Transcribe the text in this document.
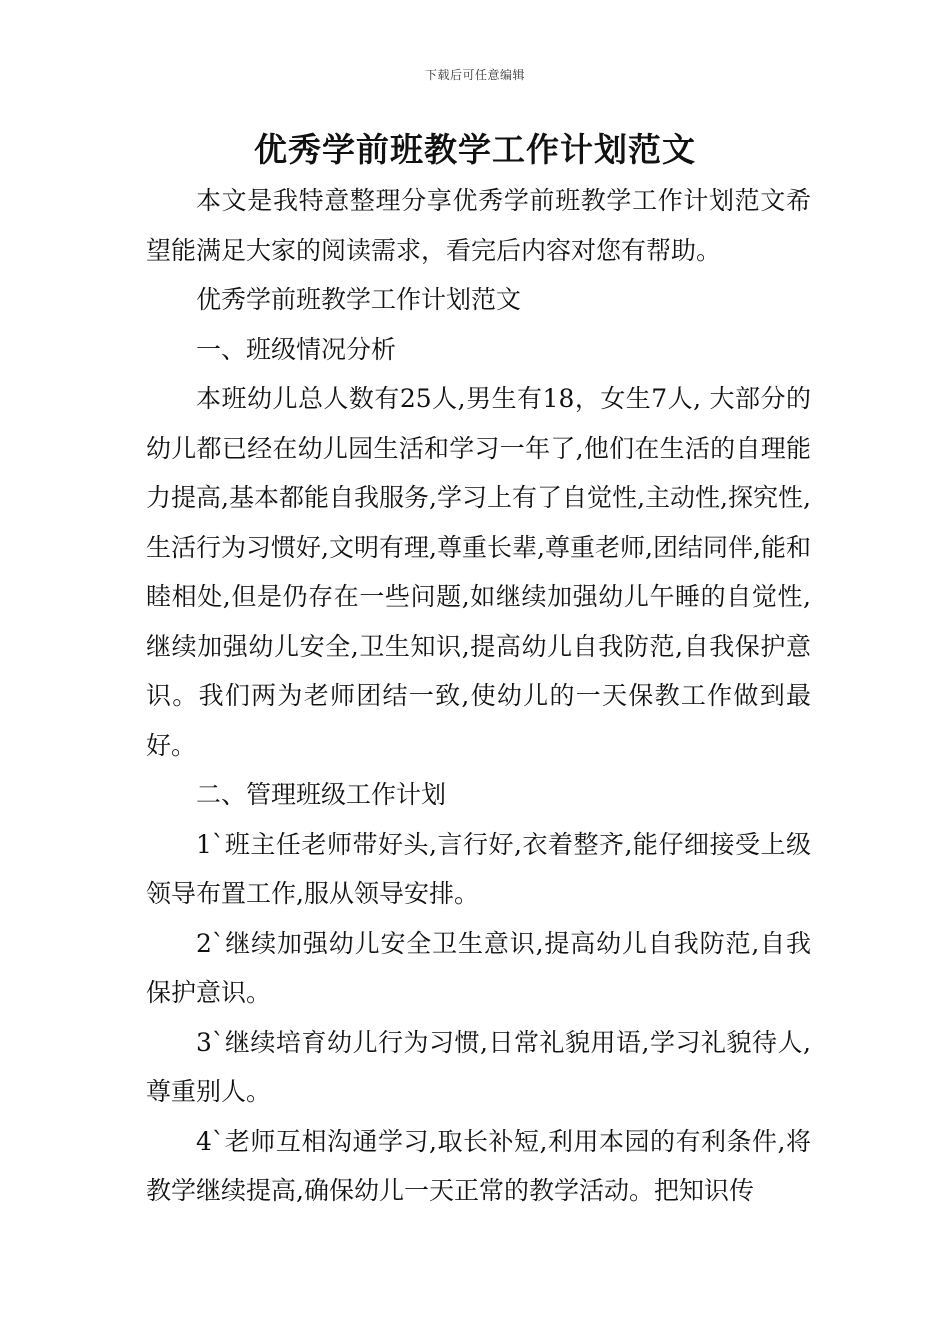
下载后可任意编辑
优秀学前班教学工作计划范文

本文是我特意整理分享优秀学前班教学工作计划范文希望能满足大家的阅读需求，看完后内容对您有帮助。

优秀学前班教学工作计划范文

一、班级情况分析

本班幼儿总人数有25人,男生有18，女生7人, 大部分的幼儿都已经在幼儿园生活和学习一年了,他们在生活的自理能力提高,基本都能自我服务,学习上有了自觉性,主动性,探究性,生活行为习惯好,文明有理,尊重长辈,尊重老师,团结同伴,能和睦相处,但是仍存在一些问题,如继续加强幼儿午睡的自觉性,继续加强幼儿安全,卫生知识,提高幼儿自我防范,自我保护意识。我们两为老师团结一致,使幼儿的一天保教工作做到最好。

二、管理班级工作计划

1`班主任老师带好头,言行好,衣着整齐,能仔细接受上级领导布置工作,服从领导安排。

2`继续加强幼儿安全卫生意识,提高幼儿自我防范,自我保护意识。

3`继续培育幼儿行为习惯,日常礼貌用语,学习礼貌待人,尊重别人。

4`老师互相沟通学习,取长补短,利用本园的有利条件,将教学继续提高,确保幼儿一天正常的教学活动。把知识传
